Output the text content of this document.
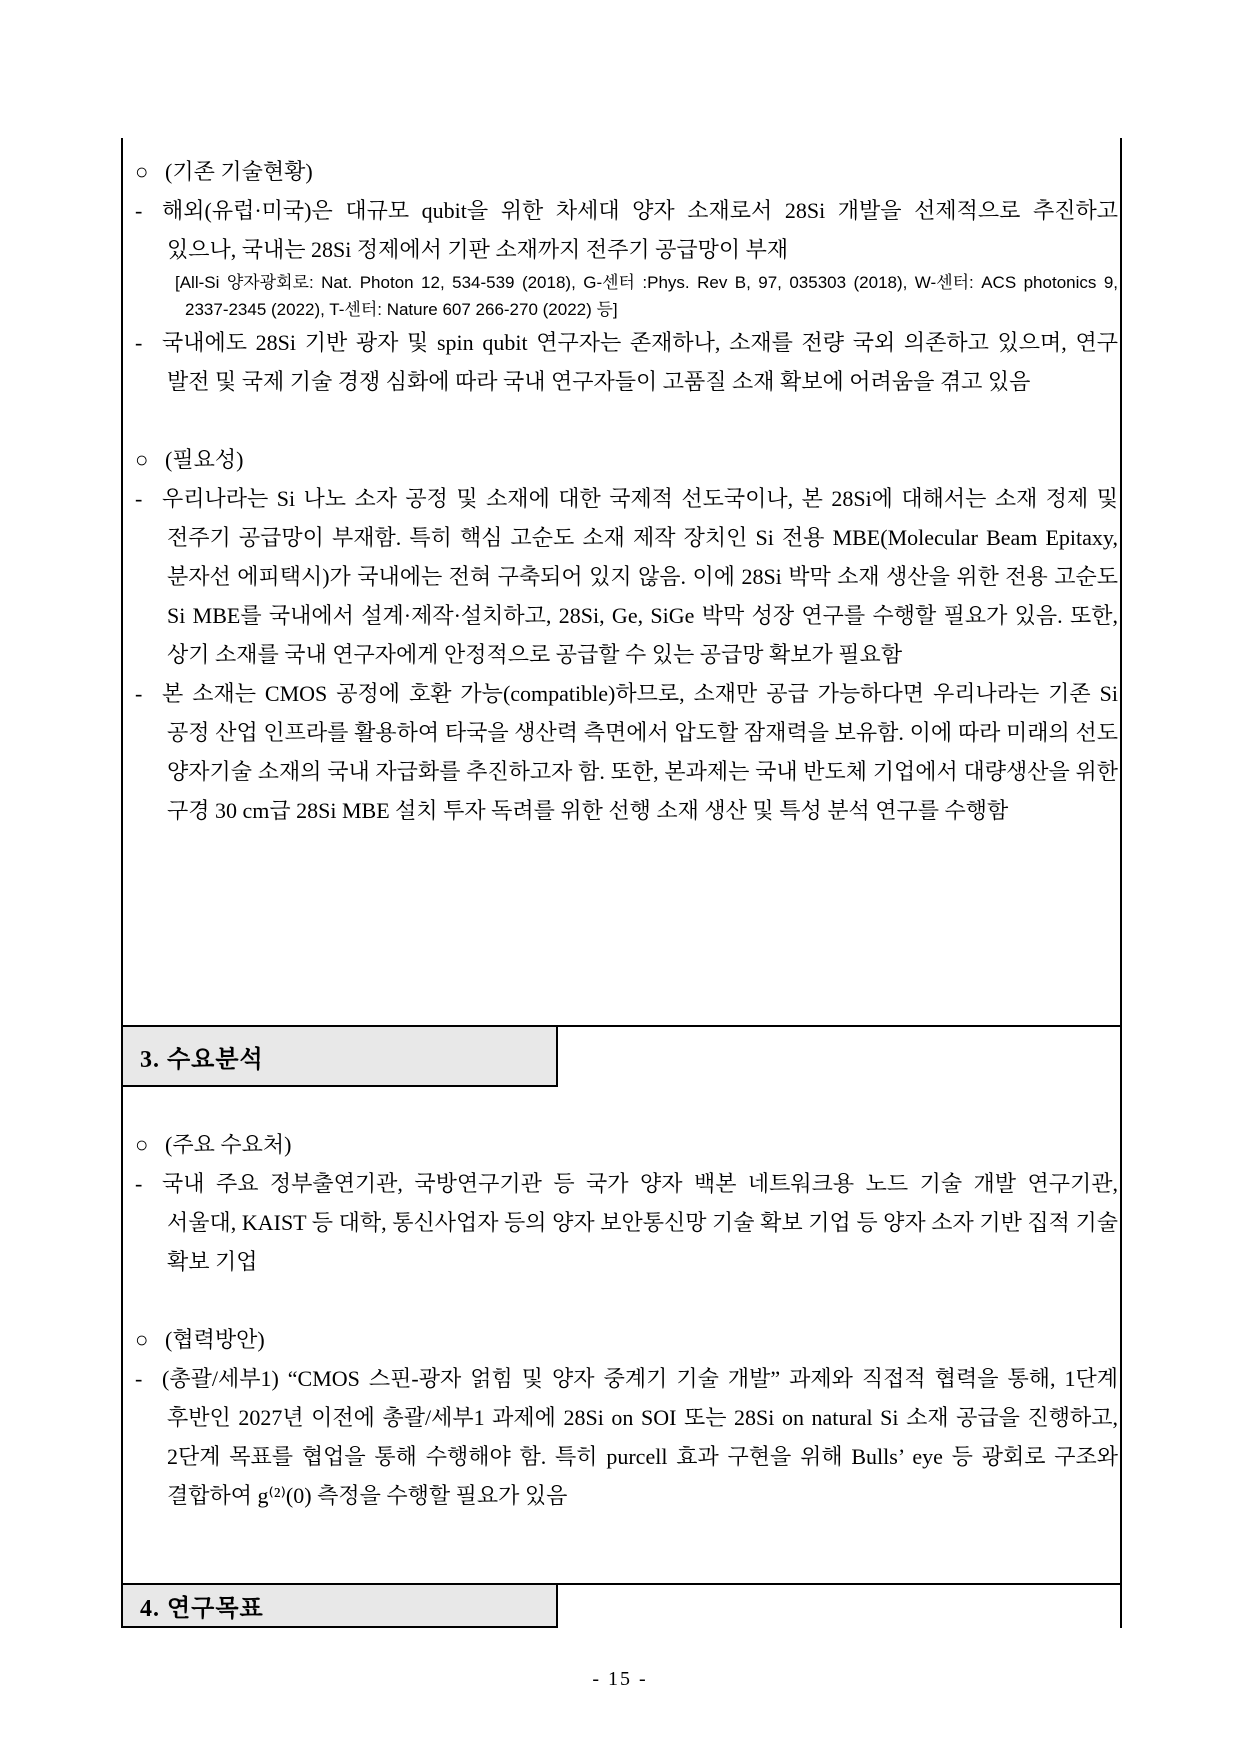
○ (기존 기술현황)
- 해외(유럽·미국)은 대규모 qubit을 위한 차세대 양자 소재로서 28Si 개발을 선제적으로 추진하고 있으나, 국내는 28Si 정제에서 기판 소재까지 전주기 공급망이 부재
[All-Si 양자광회로: Nat. Photon 12, 534-539 (2018), G-센터 :Phys. Rev B, 97, 035303 (2018), W-센터: ACS photonics 9, 2337-2345 (2022), T-센터: Nature 607 266-270 (2022) 등]
- 국내에도 28Si 기반 광자 및 spin qubit 연구자는 존재하나, 소재를 전량 국외 의존하고 있으며, 연구 발전 및 국제 기술 경쟁 심화에 따라 국내 연구자들이 고품질 소재 확보에 어려움을 겪고 있음
○ (필요성)
- 우리나라는 Si 나노 소자 공정 및 소재에 대한 국제적 선도국이나, 본 28Si에 대해서는 소재 정제 및 전주기 공급망이 부재함. 특히 핵심 고순도 소재 제작 장치인 Si 전용 MBE(Molecular Beam Epitaxy, 분자선 에피택시)가 국내에는 전혀 구축되어 있지 않음. 이에 28Si 박막 소재 생산을 위한 전용 고순도 Si MBE를 국내에서 설계·제작·설치하고, 28Si, Ge, SiGe 박막 성장 연구를 수행할 필요가 있음. 또한, 상기 소재를 국내 연구자에게 안정적으로 공급할 수 있는 공급망 확보가 필요함
- 본 소재는 CMOS 공정에 호환 가능(compatible)하므로, 소재만 공급 가능하다면 우리나라는 기존 Si 공정 산업 인프라를 활용하여 타국을 생산력 측면에서 압도할 잠재력을 보유함. 이에 따라 미래의 선도 양자기술 소재의 국내 자급화를 추진하고자 함. 또한, 본과제는 국내 반도체 기업에서 대량생산을 위한 구경 30 cm급 28Si MBE 설치 투자 독려를 위한 선행 소재 생산 및 특성 분석 연구를 수행함
3. 수요분석
○ (주요 수요처)
- 국내 주요 정부출연기관, 국방연구기관 등 국가 양자 백본 네트워크용 노드 기술 개발 연구기관, 서울대, KAIST 등 대학, 통신사업자 등의 양자 보안통신망 기술 확보 기업 등 양자 소자 기반 집적 기술 확보 기업
○ (협력방안)
- (총괄/세부1) “CMOS 스핀-광자 얽힘 및 양자 중계기 기술 개발” 과제와 직접적 협력을 통해, 1단계 후반인 2027년 이전에 총괄/세부1 과제에 28Si on SOI 또는 28Si on natural Si 소재 공급을 진행하고, 2단계 목표를 협업을 통해 수행해야 함. 특히 purcell 효과 구현을 위해 Bulls’ eye 등 광회로 구조와 결합하여 g⁽²⁾(0) 측정을 수행할 필요가 있음
4. 연구목표
- 15 -
